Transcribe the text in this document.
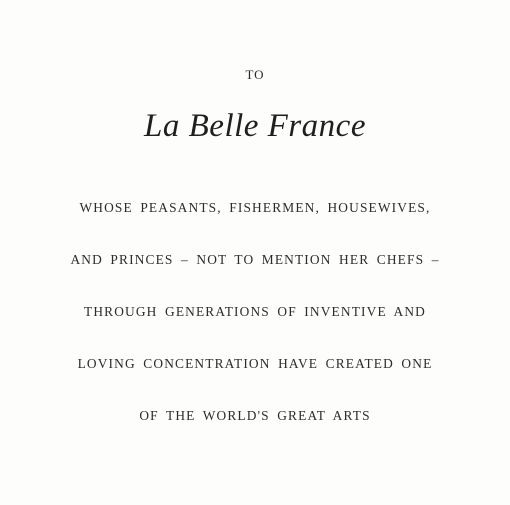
TO
La Belle France
WHOSE PEASANTS, FISHERMEN, HOUSEWIVES,
AND PRINCES – NOT TO MENTION HER CHEFS –
THROUGH GENERATIONS OF INVENTIVE AND
LOVING CONCENTRATION HAVE CREATED ONE
OF THE WORLD'S GREAT ARTS
